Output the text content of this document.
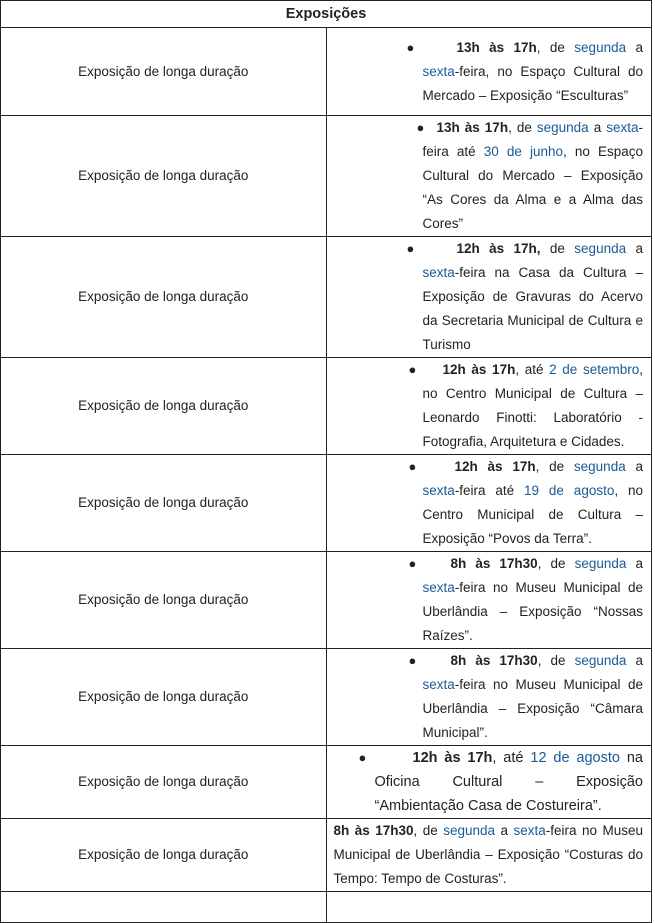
Exposições	
Exposição de longa duração	● 13h às 17h, de segunda a sexta-feira, no Espaço Cultural do Mercado – Exposição “Esculturas”

Exposição de longa duração	● 13h às 17h, de segunda a sexta-feira até 30 de junho, no Espaço Cultural do Mercado – Exposição “As Cores da Alma e a Alma das Cores”

Exposição de longa duração	● 12h às 17h, de segunda a sexta-feira na Casa da Cultura – Exposição de Gravuras do Acervo da Secretaria Municipal de Cultura e Turismo

Exposição de longa duração	● 12h às 17h, até 2 de setembro, no Centro Municipal de Cultura – Leonardo Finotti: Laboratório - Fotografia, Arquitetura e Cidades.

Exposição de longa duração	● 12h às 17h, de segunda a sexta-feira até 19 de agosto, no Centro Municipal de Cultura – Exposição “Povos da Terra”.

Exposição de longa duração	● 8h às 17h30, de segunda a sexta-feira no Museu Municipal de Uberlândia – Exposição “Nossas Raízes”.

Exposição de longa duração	● 8h às 17h30, de segunda a sexta-feira no Museu Municipal de Uberlândia – Exposição “Câmara Municipal”.

Exposição de longa duração	● 12h às 17h, até 12 de agosto na Oficina Cultural – Exposição “Ambientação Casa de Costureira”.

Exposição de longa duração	8h às 17h30, de segunda a sexta-feira no Museu Municipal de Uberlândia – Exposição “Costuras do Tempo: Tempo de Costuras”.
